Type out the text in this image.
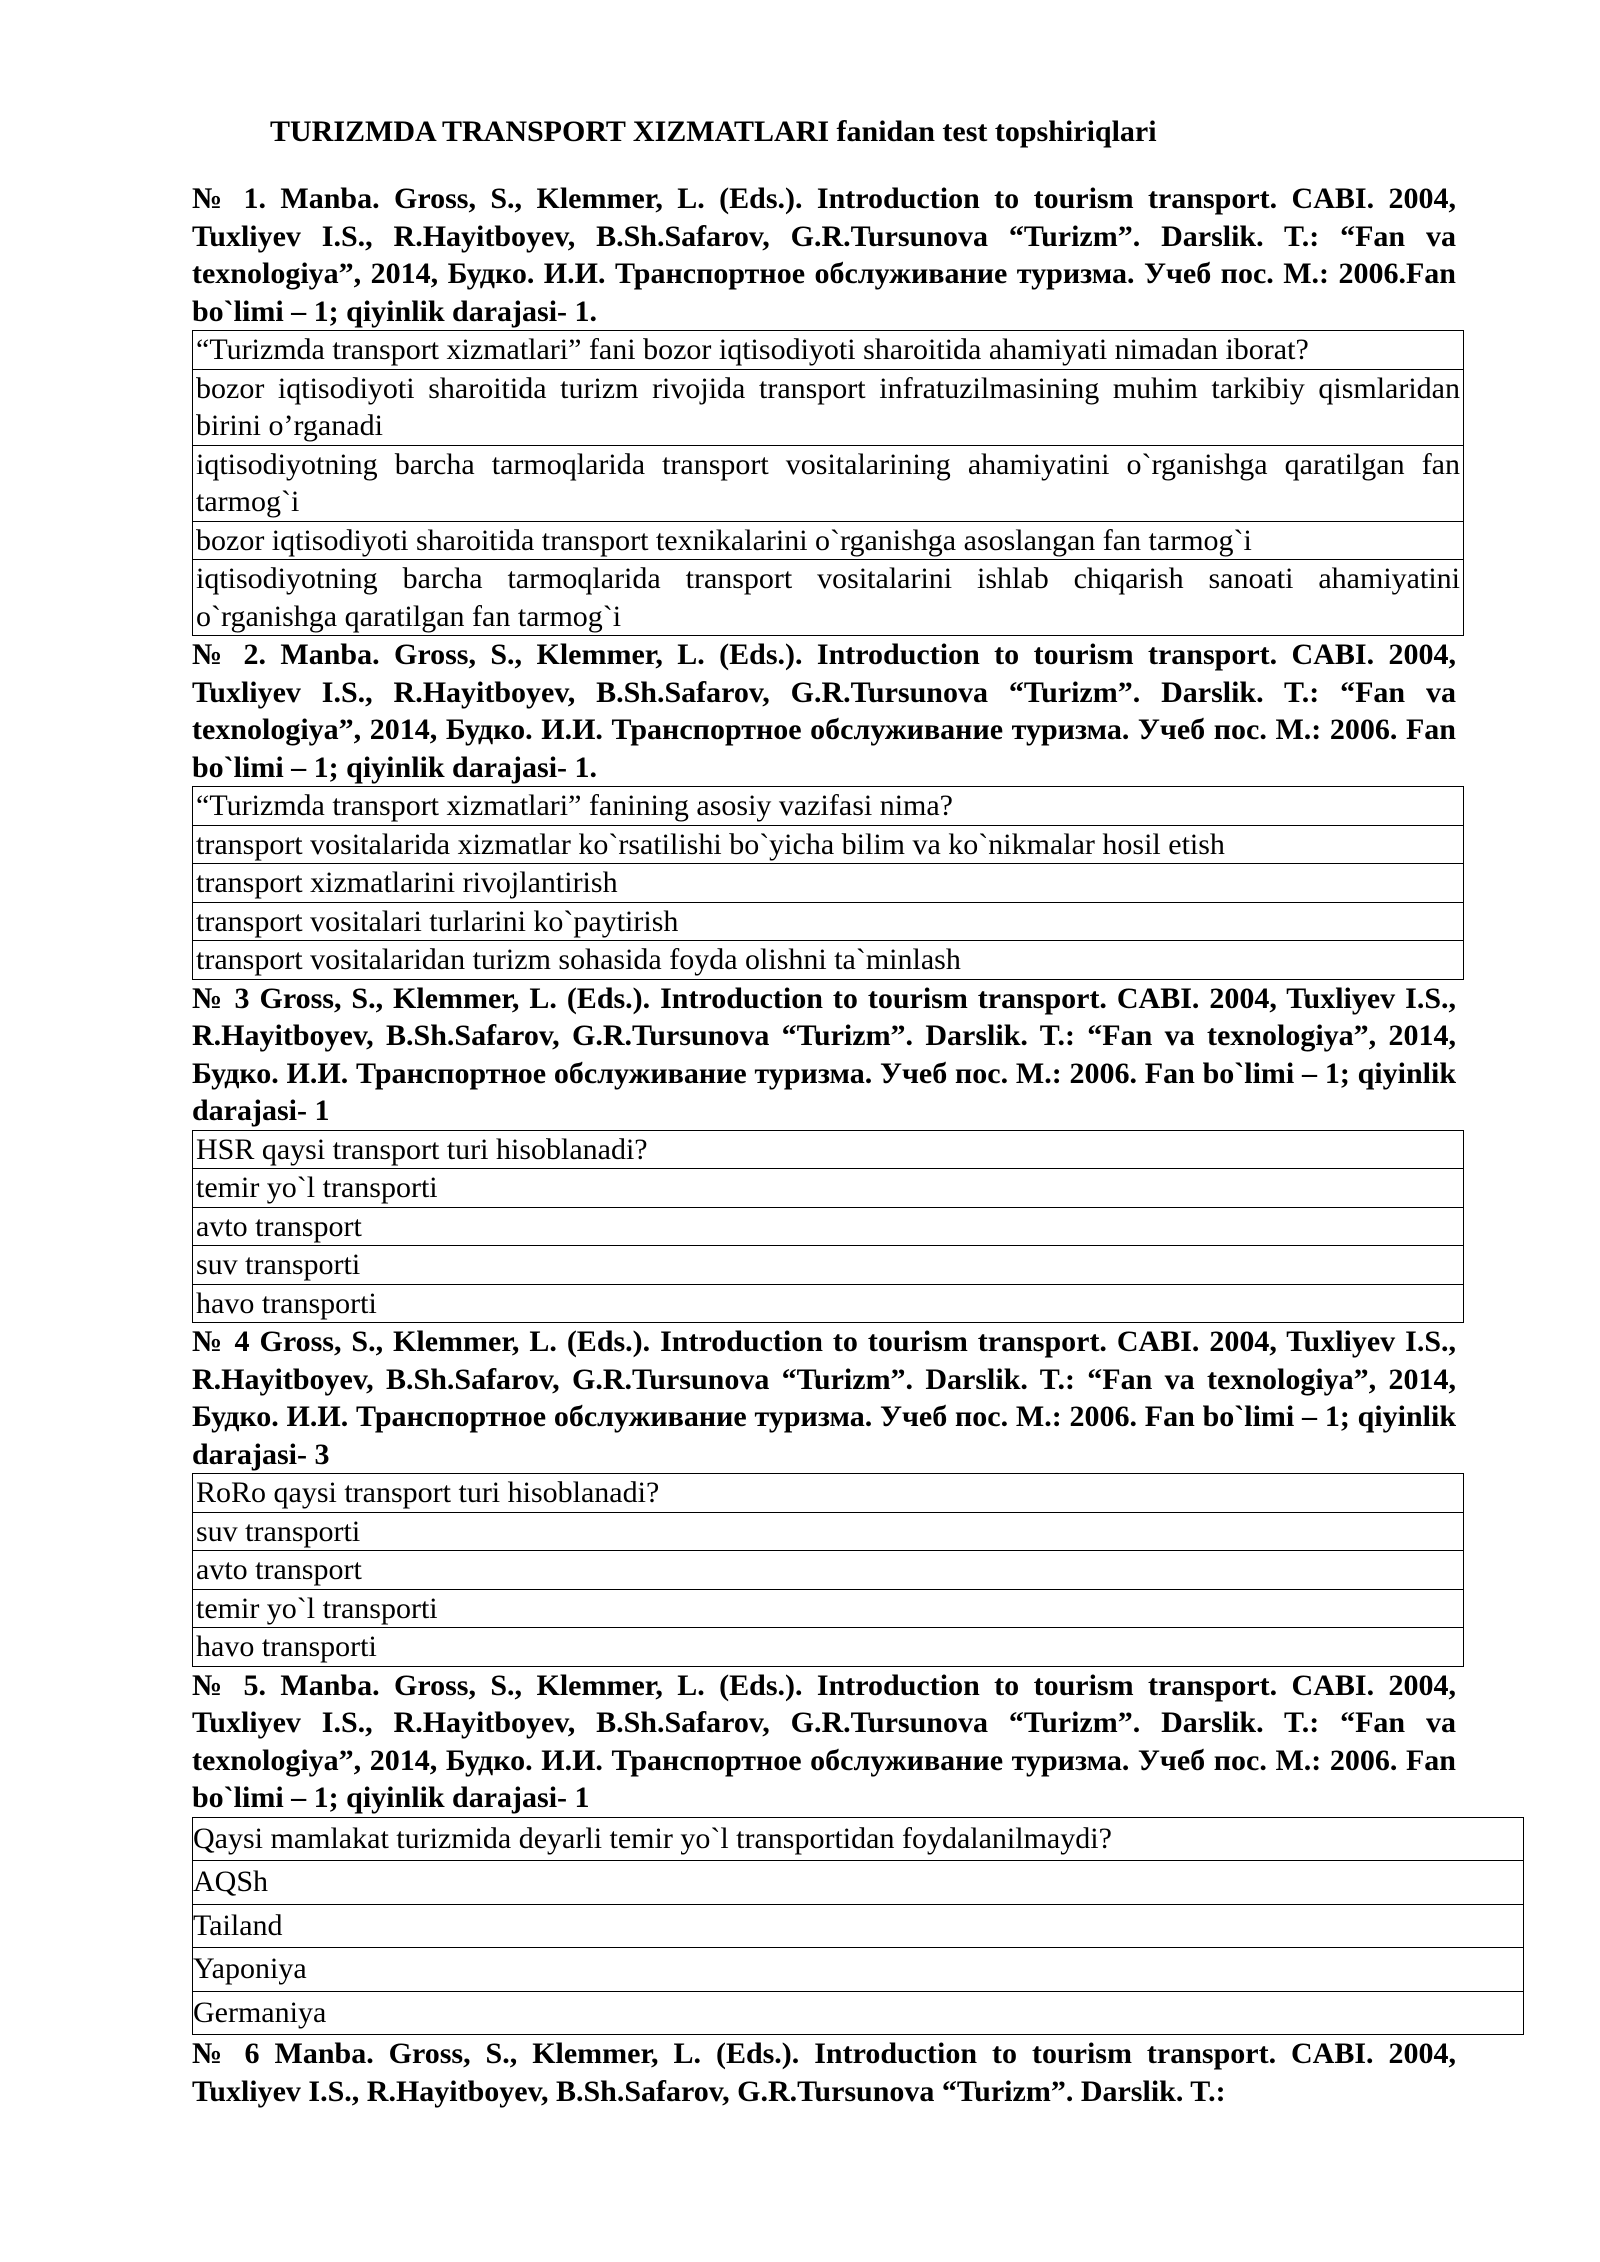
TURIZMDA TRANSPORT XIZMATLARI fanidan test topshiriqlari

№ 1. Manba. Gross, S., Klemmer, L. (Eds.). Introduction to tourism transport. CABI. 2004, Tuxliyev I.S., R.Hayitboyev, B.Sh.Safarov, G.R.Tursunova “Turizm”. Darslik. T.: “Fan va texnologiya”, 2014, Будко. И.И. Транспортное обслуживание туризма. Учеб пос. М.: 2006.Fan bo`limi – 1; qiyinlik darajasi- 1.

“Turizmda transport xizmatlari” fani bozor iqtisodiyoti sharoitida ahamiyati nimadan iborat?
bozor iqtisodiyoti sharoitida turizm rivojida transport infratuzilmasining muhim tarkibiy qismlaridan birini o’rganadi
iqtisodiyotning barcha tarmoqlarida transport vositalarining ahamiyatini o`rganishga qaratilgan fan tarmog`i
bozor iqtisodiyoti sharoitida transport texnikalarini o`rganishga asoslangan fan tarmog`i
iqtisodiyotning barcha tarmoqlarida transport vositalarini ishlab chiqarish sanoati ahamiyatini o`rganishga qaratilgan fan tarmog`i

№ 2. Manba. Gross, S., Klemmer, L. (Eds.). Introduction to tourism transport. CABI. 2004, Tuxliyev I.S., R.Hayitboyev, B.Sh.Safarov, G.R.Tursunova “Turizm”. Darslik. T.: “Fan va texnologiya”, 2014, Будко. И.И. Транспортное обслуживание туризма. Учеб пос. М.: 2006. Fan bo`limi – 1; qiyinlik darajasi- 1.

“Turizmda transport xizmatlari” fanining asosiy vazifasi nima?
transport vositalarida xizmatlar ko`rsatilishi bo`yicha bilim va ko`nikmalar hosil etish
transport xizmatlarini rivojlantirish
transport vositalari turlarini ko`paytirish
transport vositalaridan turizm sohasida foyda olishni ta`minlash

№ 3 Gross, S., Klemmer, L. (Eds.). Introduction to tourism transport. CABI. 2004, Tuxliyev I.S., R.Hayitboyev, B.Sh.Safarov, G.R.Tursunova “Turizm”. Darslik. T.: “Fan va texnologiya”, 2014, Будко. И.И. Транспортное обслуживание туризма. Учеб пос. М.: 2006. Fan bo`limi – 1; qiyinlik darajasi- 1

HSR qaysi transport turi hisoblanadi?
temir yo`l transporti
avto transport
suv transporti
havo transporti

№ 4 Gross, S., Klemmer, L. (Eds.). Introduction to tourism transport. CABI. 2004, Tuxliyev I.S., R.Hayitboyev, B.Sh.Safarov, G.R.Tursunova “Turizm”. Darslik. T.: “Fan va texnologiya”, 2014, Будко. И.И. Транспортное обслуживание туризма. Учеб пос. М.: 2006. Fan bo`limi – 1; qiyinlik darajasi- 3

RoRo qaysi transport turi hisoblanadi?
suv transporti
avto transport
temir yo`l transporti
havo transporti

№ 5. Manba. Gross, S., Klemmer, L. (Eds.). Introduction to tourism transport. CABI. 2004, Tuxliyev I.S., R.Hayitboyev, B.Sh.Safarov, G.R.Tursunova “Turizm”. Darslik. T.: “Fan va texnologiya”, 2014, Будко. И.И. Транспортное обслуживание туризма. Учеб пос. М.: 2006. Fan bo`limi – 1; qiyinlik darajasi- 1

Qaysi mamlakat turizmida deyarli temir yo`l transportidan foydalanilmaydi?
AQSh
Tailand
Yaponiya
Germaniya

№ 6 Manba. Gross, S., Klemmer, L. (Eds.). Introduction to tourism transport. CABI. 2004, Tuxliyev I.S., R.Hayitboyev, B.Sh.Safarov, G.R.Tursunova “Turizm”. Darslik. T.:
